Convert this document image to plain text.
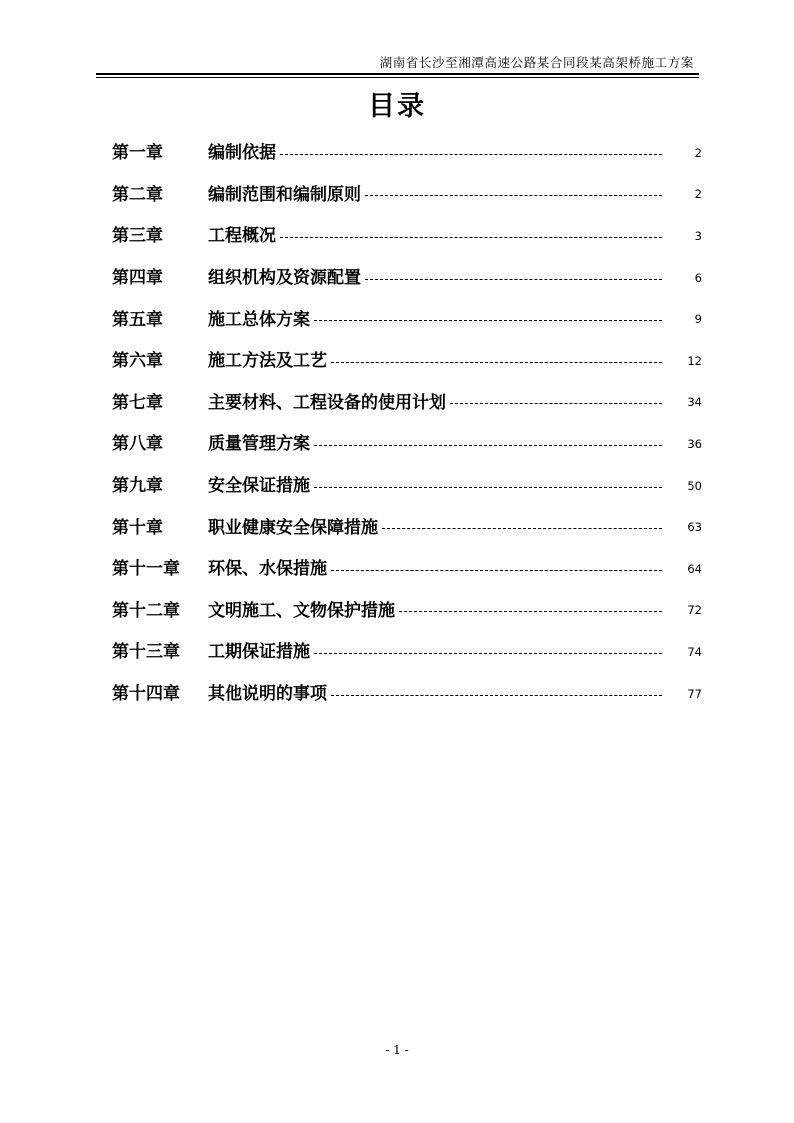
湖南省长沙至湘潭高速公路某合同段某高架桥施工方案
目录
第一章	编制依据	2
第二章	编制范围和编制原则	2
第三章	工程概况	3
第四章	组织机构及资源配置	6
第五章	施工总体方案	9
第六章	施工方法及工艺	12
第七章	主要材料、工程设备的使用计划	34
第八章	质量管理方案	36
第九章	安全保证措施	50
第十章	职业健康安全保障措施	63
第十一章	环保、水保措施	64
第十二章	文明施工、文物保护措施	72
第十三章	工期保证措施	74
第十四章	其他说明的事项	77
- 1 -
